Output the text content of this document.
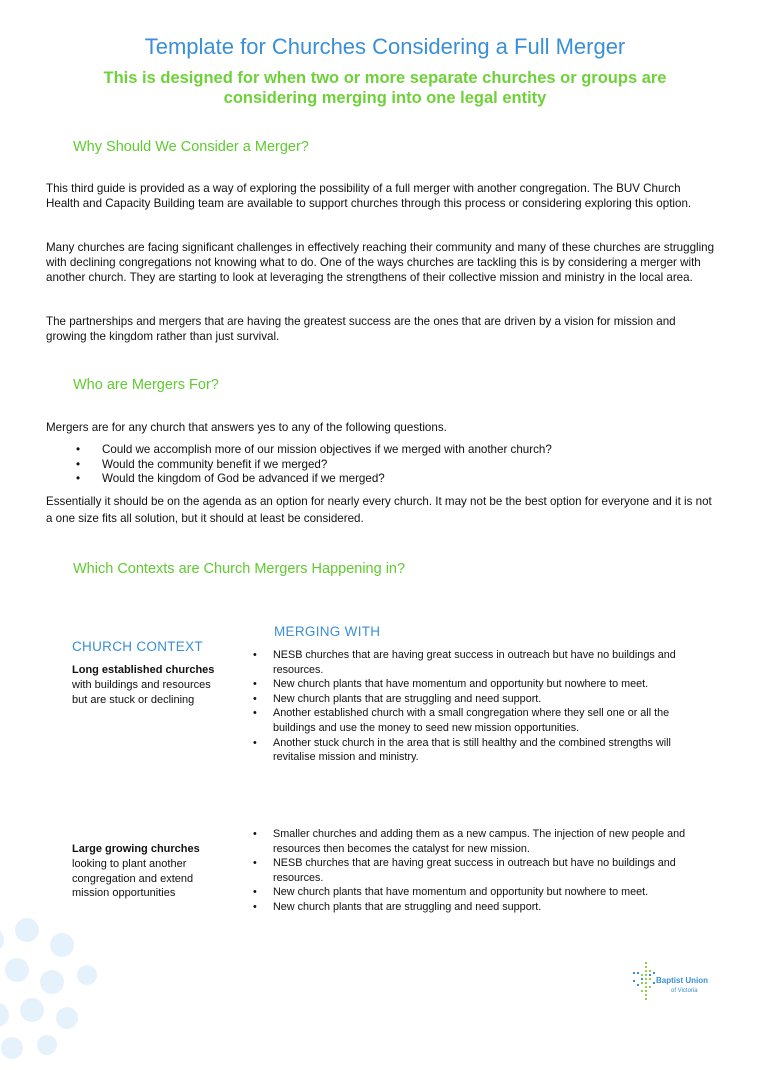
Template for Churches Considering a Full Merger
This is designed for when two or more separate churches or groups are considering merging into one legal entity
Why Should We Consider a Merger?

This third guide is provided as a way of exploring the possibility of a full merger with another congregation. The BUV Church Health and Capacity Building team are available to support churches through this process or considering exploring this option.

Many churches are facing significant challenges in effectively reaching their community and many of these churches are struggling with declining congregations not knowing what to do. One of the ways churches are tackling this is by considering a merger with another church. They are starting to look at leveraging the strengthens of their collective mission and ministry in the local area.

The partnerships and mergers that are having the greatest success are the ones that are driven by a vision for mission and growing the kingdom rather than just survival.

Who are Mergers For?

Mergers are for any church that answers yes to any of the following questions.

• Could we accomplish more of our mission objectives if we merged with another church?
• Would the community benefit if we merged?
• Would the kingdom of God be advanced if we merged?

Essentially it should be on the agenda as an option for nearly every church. It may not be the best option for everyone and it is not a one size fits all solution, but it should at least be considered.

Which Contexts are Church Mergers Happening in?
CHURCH CONTEXT
MERGING WITH
Long established churches with buildings and resources but are stuck or declining
• NESB churches that are having great success in outreach but have no buildings and resources.
• New church plants that have momentum and opportunity but nowhere to meet.
• New church plants that are struggling and need support.
• Another established church with a small congregation where they sell one or all the buildings and use the money to seed new mission opportunities.
• Another stuck church in the area that is still healthy and the combined strengths will revitalise mission and ministry.
Large growing churches looking to plant another congregation and extend mission opportunities
• Smaller churches and adding them as a new campus. The injection of new people and resources then becomes the catalyst for new mission.
• NESB churches that are having great success in outreach but have no buildings and resources.
• New church plants that have momentum and opportunity but nowhere to meet.
• New church plants that are struggling and need support.
Baptist Union
of Victoria
